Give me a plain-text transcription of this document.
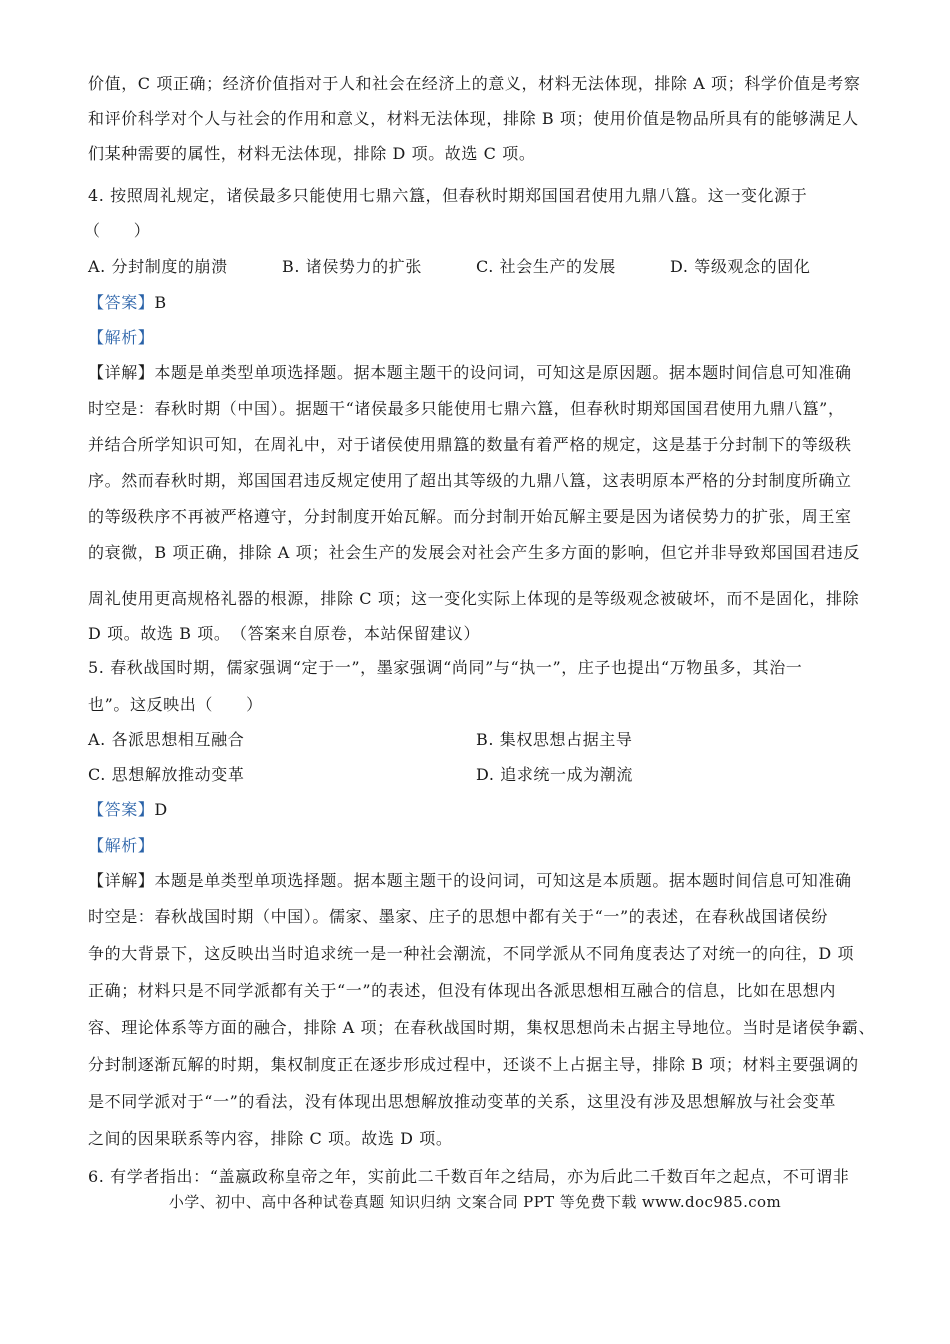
价值，C 项正确；经济价值指对于人和社会在经济上的意义，材料无法体现，排除 A 项；科学价值是考察
和评价科学对个人与社会的作用和意义，材料无法体现，排除 B 项；使用价值是物品所具有的能够满足人
们某种需要的属性，材料无法体现，排除 D 项。故选 C 项。
4. 按照周礼规定，诸侯最多只能使用七鼎六簋，但春秋时期郑国国君使用九鼎八簋。这一变化源于
（　　）
A. 分封制度的崩溃	B. 诸侯势力的扩张	C. 社会生产的发展	D. 等级观念的固化
【答案】B
【解析】
【详解】本题是单类型单项选择题。据本题主题干的设问词，可知这是原因题。据本题时间信息可知准确
时空是：春秋时期（中国）。据题干“诸侯最多只能使用七鼎六簋，但春秋时期郑国国君使用九鼎八簋”，
并结合所学知识可知，在周礼中，对于诸侯使用鼎簋的数量有着严格的规定，这是基于分封制下的等级秩
序。然而春秋时期，郑国国君违反规定使用了超出其等级的九鼎八簋，这表明原本严格的分封制度所确立
的等级秩序不再被严格遵守，分封制度开始瓦解。而分封制开始瓦解主要是因为诸侯势力的扩张，周王室
的衰微，B 项正确，排除 A 项；社会生产的发展会对社会产生多方面的影响，但它并非导致郑国国君违反
周礼使用更高规格礼器的根源，排除 C 项；这一变化实际上体现的是等级观念被破坏，而不是固化，排除
D 项。故选 B 项。　（答案来自原卷，本站保留建议）
5. 春秋战国时期，儒家强调“定于一”，墨家强调“尚同”与“执一”，庄子也提出“万物虽多，其治一
也”。这反映出（　　）
A. 各派思想相互融合	B. 集权思想占据主导
C. 思想解放推动变革	D. 追求统一成为潮流
【答案】D
【解析】
【详解】本题是单类型单项选择题。据本题主题干的设问词，可知这是本质题。据本题时间信息可知准确
时空是：春秋战国时期（中国）。儒家、墨家、庄子的思想中都有关于“一”的表述，在春秋战国诸侯纷
争的大背景下，这反映出当时追求统一是一种社会潮流，不同学派从不同角度表达了对统一的向往，D 项
正确；材料只是不同学派都有关于“一”的表述，但没有体现出各派思想相互融合的信息，比如在思想内
容、理论体系等方面的融合，排除 A 项；在春秋战国时期，集权思想尚未占据主导地位。当时是诸侯争霸、
分封制逐渐瓦解的时期，集权制度正在逐步形成过程中，还谈不上占据主导，排除 B 项；材料主要强调的
是不同学派对于“一”的看法，没有体现出思想解放推动变革的关系，这里没有涉及思想解放与社会变革
之间的因果联系等内容，排除 C 项。故选 D 项。
6. 有学者指出：“盖嬴政称皇帝之年，实前此二千数百年之结局，亦为后此二千数百年之起点，不可谓非
小学、初中、高中各种试卷真题 知识归纳 文案合同 PPT 等免费下载 www.doc985.com
